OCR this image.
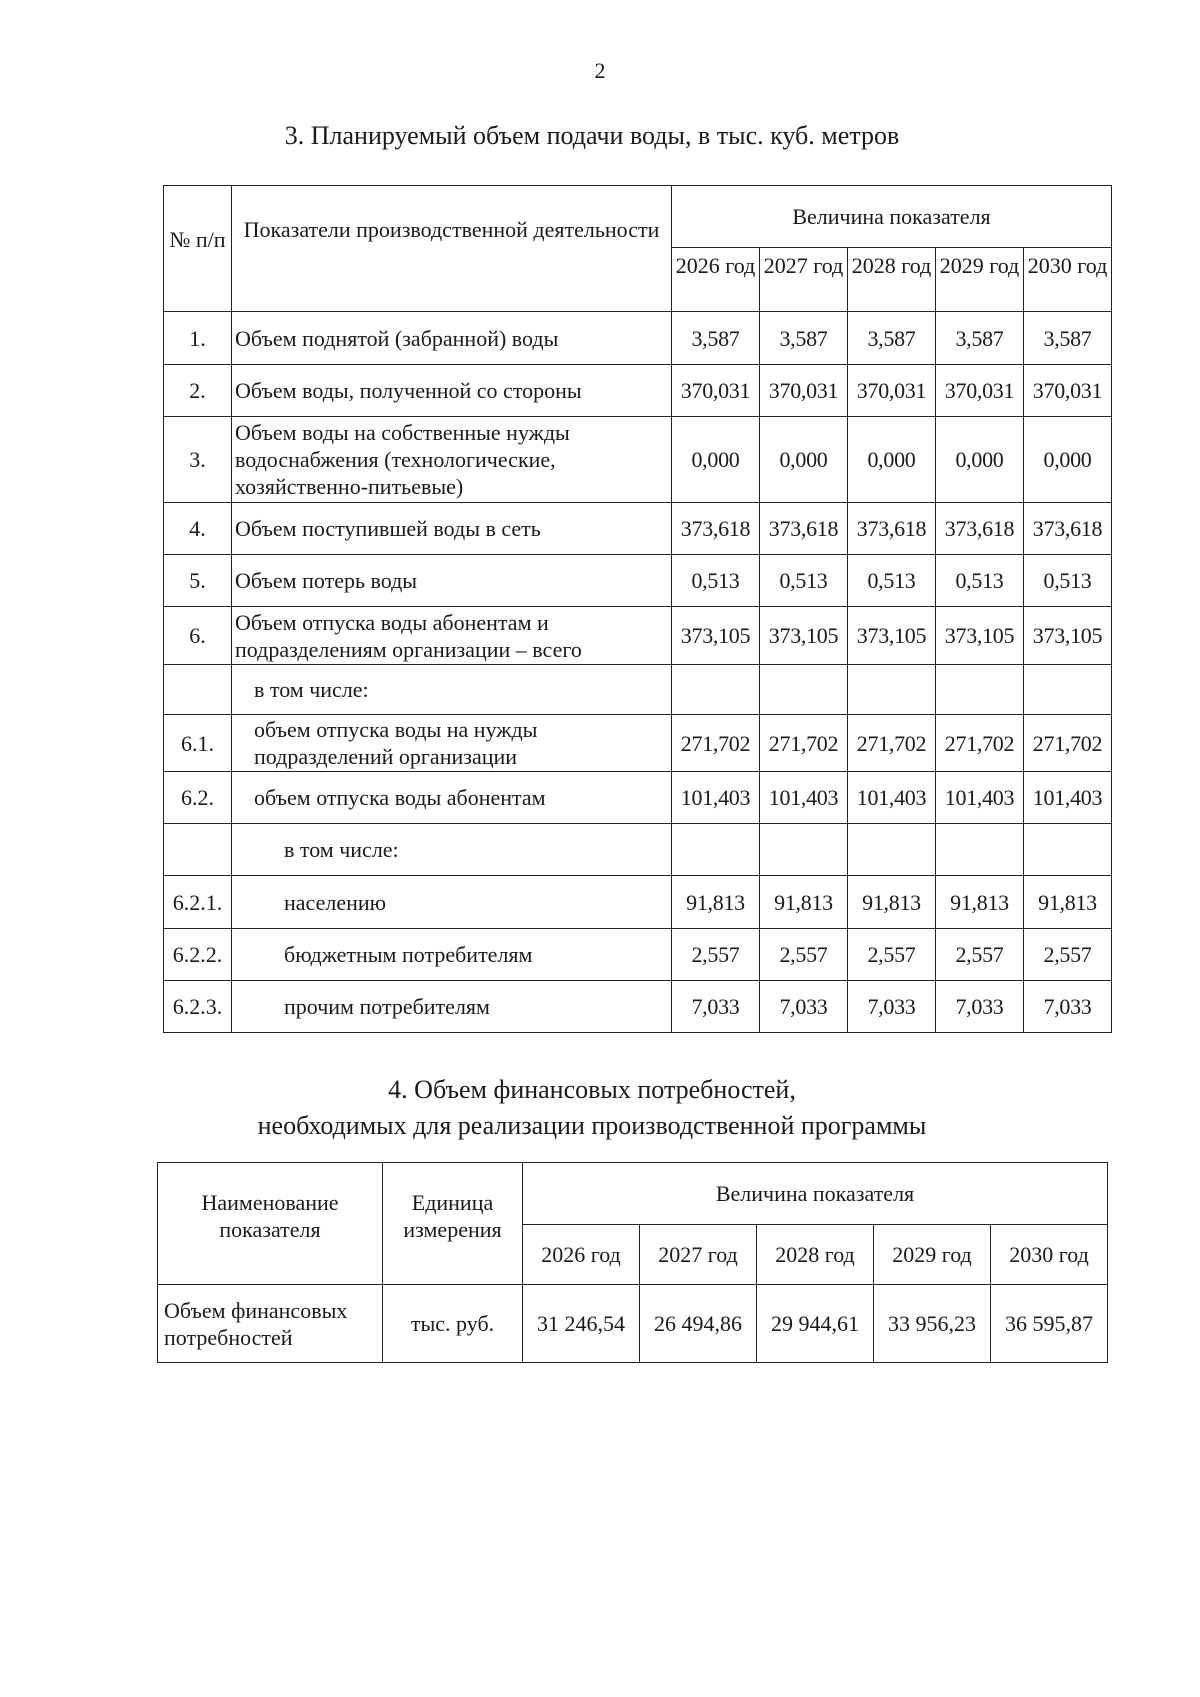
2
3. Планируемый объем подачи воды, в тыс. куб. метров
№ п/п	Показатели производственной деятельности	Величина показателя				
		2026 год	2027 год	2028 год	2029 год	2030 год
1.	Объем поднятой (забранной) воды	3,587	3,587	3,587	3,587	3,587
2.	Объем воды, полученной со стороны	370,031	370,031	370,031	370,031	370,031
3.	Объем воды на собственные нужды водоснабжения (технологические, хозяйственно-питьевые)	0,000	0,000	0,000	0,000	0,000
4.	Объем поступившей воды в сеть	373,618	373,618	373,618	373,618	373,618
5.	Объем потерь воды	0,513	0,513	0,513	0,513	0,513
6.	Объем отпуска воды абонентам и подразделениям организации – всего	373,105	373,105	373,105	373,105	373,105
	в том числе:					
6.1.	объем отпуска воды на нужды подразделений организации	271,702	271,702	271,702	271,702	271,702
6.2.	объем отпуска воды абонентам	101,403	101,403	101,403	101,403	101,403
	в том числе:					
6.2.1.	населению	91,813	91,813	91,813	91,813	91,813
6.2.2.	бюджетным потребителям	2,557	2,557	2,557	2,557	2,557
6.2.3.	прочим потребителям	7,033	7,033	7,033	7,033	7,033
4. Объем финансовых потребностей,
необходимых для реализации производственной программы
Наименование показателя	Единица измерения	Величина показателя				
		2026 год	2027 год	2028 год	2029 год	2030 год
Объем финансовых потребностей	тыс. руб.	31 246,54	26 494,86	29 944,61	33 956,23	36 595,87
